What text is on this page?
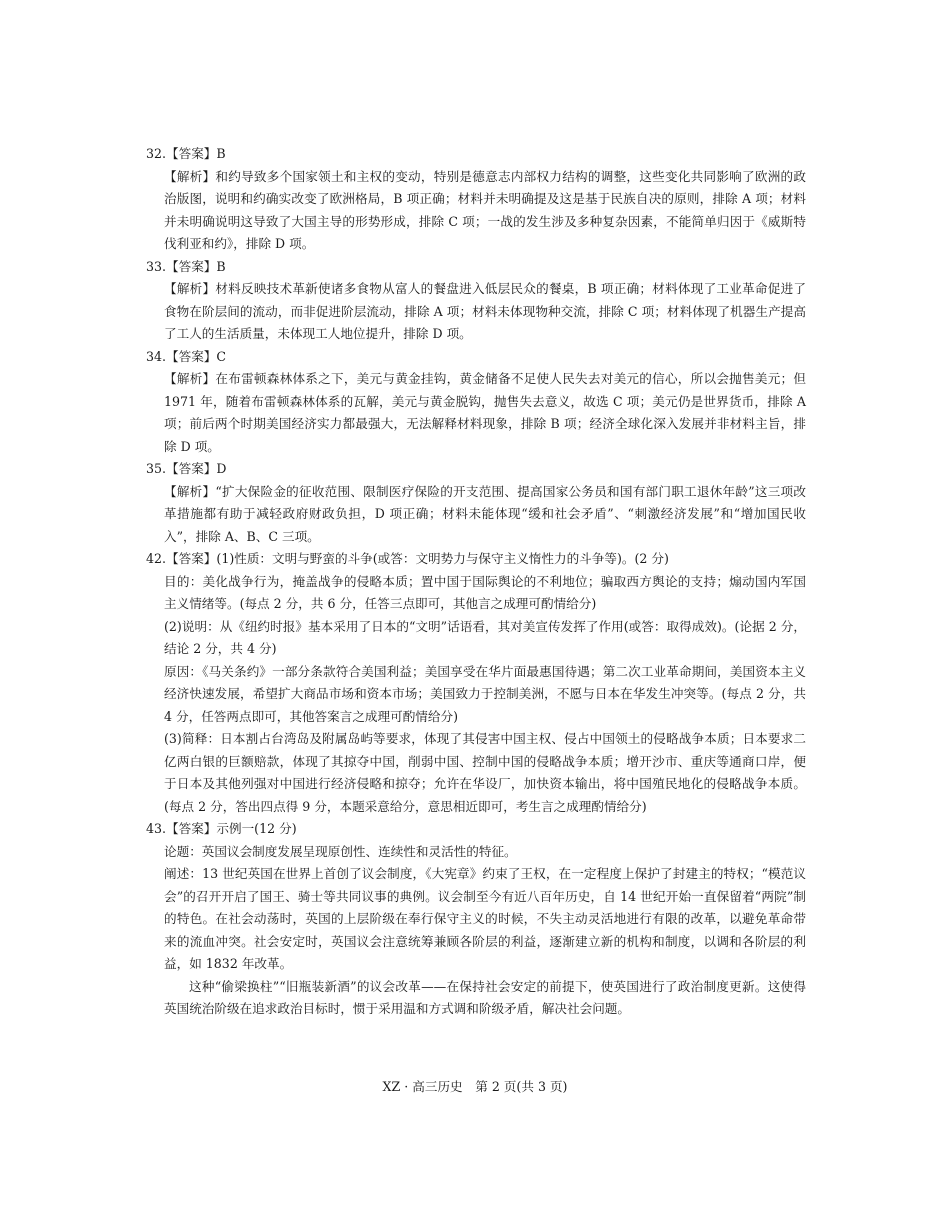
32.【答案】B
【解析】和约导致多个国家领土和主权的变动，特别是德意志内部权力结构的调整，这些变化共同影响了欧洲的政治版图，说明和约确实改变了欧洲格局，B 项正确；材料并未明确提及这是基于民族自决的原则，排除 A 项；材料并未明确说明这导致了大国主导的形势形成，排除 C 项；一战的发生涉及多种复杂因素，不能简单归因于《威斯特伐利亚和约》，排除 D 项。
33.【答案】B
【解析】材料反映技术革新使诸多食物从富人的餐盘进入低层民众的餐桌，B 项正确；材料体现了工业革命促进了食物在阶层间的流动，而非促进阶层流动，排除 A 项；材料未体现物种交流，排除 C 项；材料体现了机器生产提高了工人的生活质量，未体现工人地位提升，排除 D 项。
34.【答案】C
【解析】在布雷顿森林体系之下，美元与黄金挂钩，黄金储备不足使人民失去对美元的信心，所以会抛售美元；但 1971 年，随着布雷顿森林体系的瓦解，美元与黄金脱钩，抛售失去意义，故选 C 项；美元仍是世界货币，排除 A 项；前后两个时期美国经济实力都最强大，无法解释材料现象，排除 B 项；经济全球化深入发展并非材料主旨，排除 D 项。
35.【答案】D
【解析】“扩大保险金的征收范围、限制医疗保险的开支范围、提高国家公务员和国有部门职工退休年龄”这三项改革措施都有助于减轻政府财政负担，D 项正确；材料未能体现“缓和社会矛盾”、“刺激经济发展”和“增加国民收入”，排除 A、B、C 三项。
42.【答案】(1)性质：文明与野蛮的斗争(或答：文明势力与保守主义惰性力的斗争等)。(2 分)
目的：美化战争行为，掩盖战争的侵略本质；置中国于国际舆论的不利地位；骗取西方舆论的支持；煽动国内军国主义情绪等。(每点 2 分，共 6 分，任答三点即可，其他言之成理可酌情给分)
(2)说明：从《纽约时报》基本采用了日本的“文明”话语看，其对美宣传发挥了作用(或答：取得成效)。(论据 2 分，结论 2 分，共 4 分)
原因：《马关条约》一部分条款符合美国利益；美国享受在华片面最惠国待遇；第二次工业革命期间，美国资本主义经济快速发展，希望扩大商品市场和资本市场；美国致力于控制美洲，不愿与日本在华发生冲突等。(每点 2 分，共 4 分，任答两点即可，其他答案言之成理可酌情给分)
(3)简释：日本割占台湾岛及附属岛屿等要求，体现了其侵害中国主权、侵占中国领土的侵略战争本质；日本要求二亿两白银的巨额赔款，体现了其掠夺中国，削弱中国、控制中国的侵略战争本质；增开沙市、重庆等通商口岸，便于日本及其他列强对中国进行经济侵略和掠夺；允许在华设厂，加快资本输出，将中国殖民地化的侵略战争本质。(每点 2 分，答出四点得 9 分，本题采意给分，意思相近即可，考生言之成理酌情给分)
43.【答案】示例一(12 分)
论题：英国议会制度发展呈现原创性、连续性和灵活性的特征。
阐述：13 世纪英国在世界上首创了议会制度，《大宪章》约束了王权，在一定程度上保护了封建主的特权；“模范议会”的召开开启了国王、骑士等共同议事的典例。议会制至今有近八百年历史，自 14 世纪开始一直保留着“两院”制的特色。在社会动荡时，英国的上层阶级在奉行保守主义的时候，不失主动灵活地进行有限的改革，以避免革命带来的流血冲突。社会安定时，英国议会注意统筹兼顾各阶层的利益，逐渐建立新的机构和制度，以调和各阶层的利益，如 1832 年改革。
这种“偷梁换柱”“旧瓶装新酒”的议会改革——在保持社会安定的前提下，使英国进行了政治制度更新。这使得英国统治阶级在追求政治目标时，惯于采用温和方式调和阶级矛盾，解决社会问题。
XZ · 高三历史　第 2 页(共 3 页)
